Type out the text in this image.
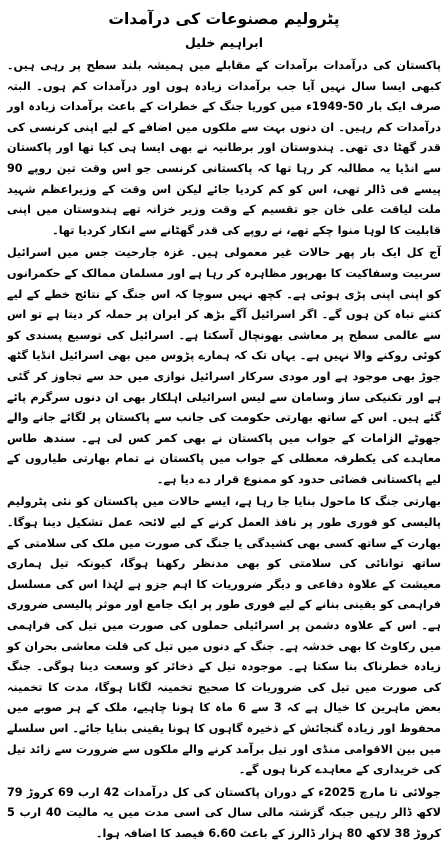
پٹرولیم مصنوعات کی درآمدات
ابراہیم خلیل

پاکستان کی درآمدات برآمدات کے مقابلے میں ہمیشہ بلند سطح پر رہی ہیں۔ کبھی ایسا سال نہیں آیا جب برآمدات زیادہ ہوں اور درآمدات کم ہوں۔ البتہ صرف ایک بار 50-1949ء میں کوریا جنگ کے خطرات کے باعث برآمدات زیادہ اور درآمدات کم رہیں۔ ان دنوں بہت سے ملکوں میں اضافے کے لیے اپنی کرنسی کی قدر گھٹا دی تھی۔ ہندوستان اور برطانیہ نے بھی ایسا ہی کیا تھا اور پاکستان سے انڈیا یہ مطالبہ کر رہا تھا کہ پاکستانی کرنسی جو اس وقت تین روپے 90 پیسے فی ڈالر تھی، اس کو کم کردیا جائے لیکن اس وقت کے وزیراعظم شہید ملت لیاقت علی خان جو تقسیم کے وقت وزیر خزانہ تھے ہندوستان میں اپنی قابلیت کا لوہا منوا چکے تھے، نے روپے کی قدر گھٹانے سے انکار کردیا تھا۔

آج کل ایک بار پھر حالات غیر معمولی ہیں۔ غزہ جارحیت جس میں اسرائیل سربیت وسفاکیت کا بھرپور مظاہرہ کر رہا ہے اور مسلمان ممالک کے حکمرانوں کو اپنی اپنی پڑی ہوئی ہے۔ کچھ نہیں سوچا کہ اس جنگ کے نتائج خطے کے لیے کتنے تباہ کن ہوں گے۔ اگر اسرائیل آگے بڑھ کر ایران پر حملہ کر دیتا ہے تو اس سے عالمی سطح پر معاشی بھونچال آسکتا ہے۔ اسرائیل کی توسیع پسندی کو کوئی روکنے والا نہیں ہے۔ یہاں تک کہ ہمارے پڑوس میں بھی اسرائیل انڈیا گٹھ جوڑ بھی موجود ہے اور مودی سرکار اسرائیل نوازی میں حد سے تجاوز کر گئی ہے اور تکنیکی ساز وسامان سے لیس اسرائیلی اہلکار بھی ان دنوں سرگرم پائے گئے ہیں۔ اس کے ساتھ بھارتی حکومت کی جانب سے پاکستان پر لگائے جانے والے جھوٹے الزامات کے جواب میں پاکستان نے بھی کمر کس لی ہے۔ سندھ طاس معاہدے کی یکطرفہ معطلی کے جواب میں پاکستان نے تمام بھارتی طیاروں کے لیے پاکستانی فضائی حدود کو ممنوع قرار دے دیا ہے۔

بھارتی جنگ کا ماحول بنایا جا رہا ہے، ایسے حالات میں پاکستان کو نئی پٹرولیم پالیسی کو فوری طور پر نافذ العمل کرنے کے لیے لائحہ عمل تشکیل دینا ہوگا۔ بھارت کے ساتھ کسی بھی کشیدگی یا جنگ کی صورت میں ملک کی سلامتی کے ساتھ توانائی کی سلامتی کو بھی مدنظر رکھنا ہوگا، کیونکہ تیل ہماری معیشت کے علاوہ دفاعی و دیگر ضروریات کا اہم جزو ہے لہٰذا اس کی مسلسل فراہمی کو یقینی بنانے کے لیے فوری طور پر ایک جامع اور موثر پالیسی ضروری ہے۔ اس کے علاوہ دشمن پر اسرائیلی حملوں کی صورت میں تیل کی فراہمی میں رکاوٹ کا بھی خدشہ ہے۔ جنگ کے دنوں میں تیل کی قلت معاشی بحران کو زیادہ خطرناک بنا سکتا ہے۔ موجودہ تیل کے ذخائر کو وسعت دینا ہوگی۔ جنگ کی صورت میں تیل کی ضروریات کا صحیح تخمینہ لگانا ہوگا، مدت کا تخمینہ بعض ماہرین کا خیال ہے کہ 3 سے 6 ماہ کا ہونا چاہیے، ملک کے ہر صوبے میں محفوظ اور زیادہ گنجائش کے ذخیرہ گاہوں کا ہونا یقینی بنایا جائے۔ اس سلسلے میں بین الاقوامی منڈی اور تیل برآمد کرنے والے ملکوں سے ضرورت سے زائد تیل کی خریداری کے معاہدے کرنا ہوں گے۔

جولائی تا مارچ 2025ء کے دوران پاکستان کی کل درآمدات 42 ارب 69 کروڑ 79 لاکھ ڈالر رہیں جبکہ گزشتہ مالی سال کی اسی مدت میں یہ مالیت 40 ارب 5 کروڑ 38 لاکھ 80 ہزار ڈالرز کے باعث 6.60 فیصد کا اضافہ ہوا۔
